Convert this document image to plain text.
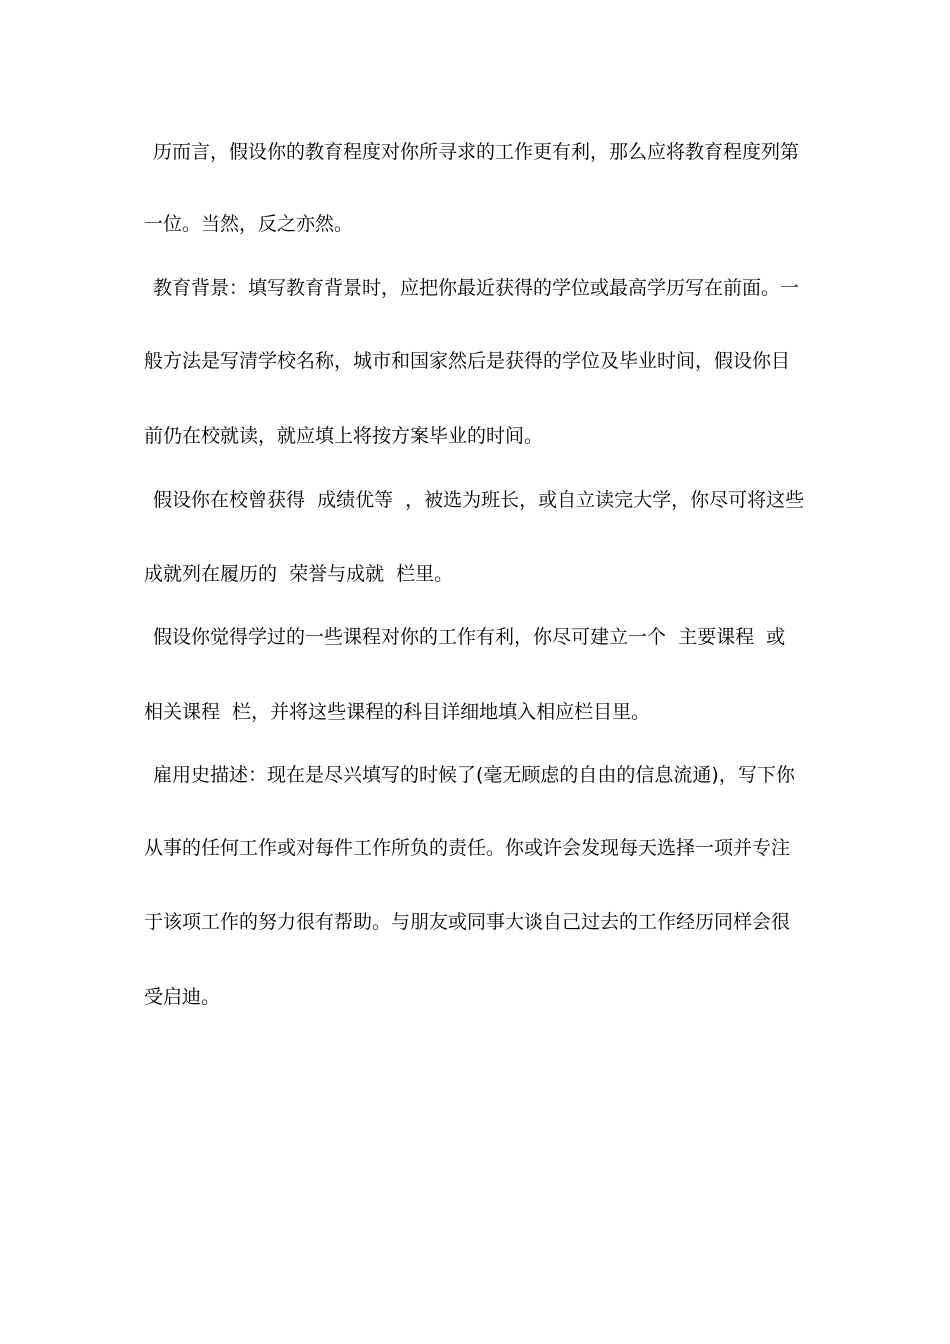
历而言，假设你的教育程度对你所寻求的工作更有利，那么应将教育程度列第
一位。当然，反之亦然。
教育背景：填写教育背景时，应把你最近获得的学位或最高学历写在前面。一
般方法是写清学校名称，城市和国家然后是获得的学位及毕业时间，假设你目
前仍在校就读，就应填上将按方案毕业的时间。
假设你在校曾获得  成绩优等  ，被选为班长，或自立读完大学，你尽可将这些
成就列在履历的  荣誉与成就  栏里。
假设你觉得学过的一些课程对你的工作有利，你尽可建立一个  主要课程  或
相关课程  栏，并将这些课程的科目详细地填入相应栏目里。
雇用史描述：现在是尽兴填写的时候了(毫无顾虑的自由的信息流通)，写下你
从事的任何工作或对每件工作所负的责任。你或许会发现每天选择一项并专注
于该项工作的努力很有帮助。与朋友或同事大谈自己过去的工作经历同样会很
受启迪。
